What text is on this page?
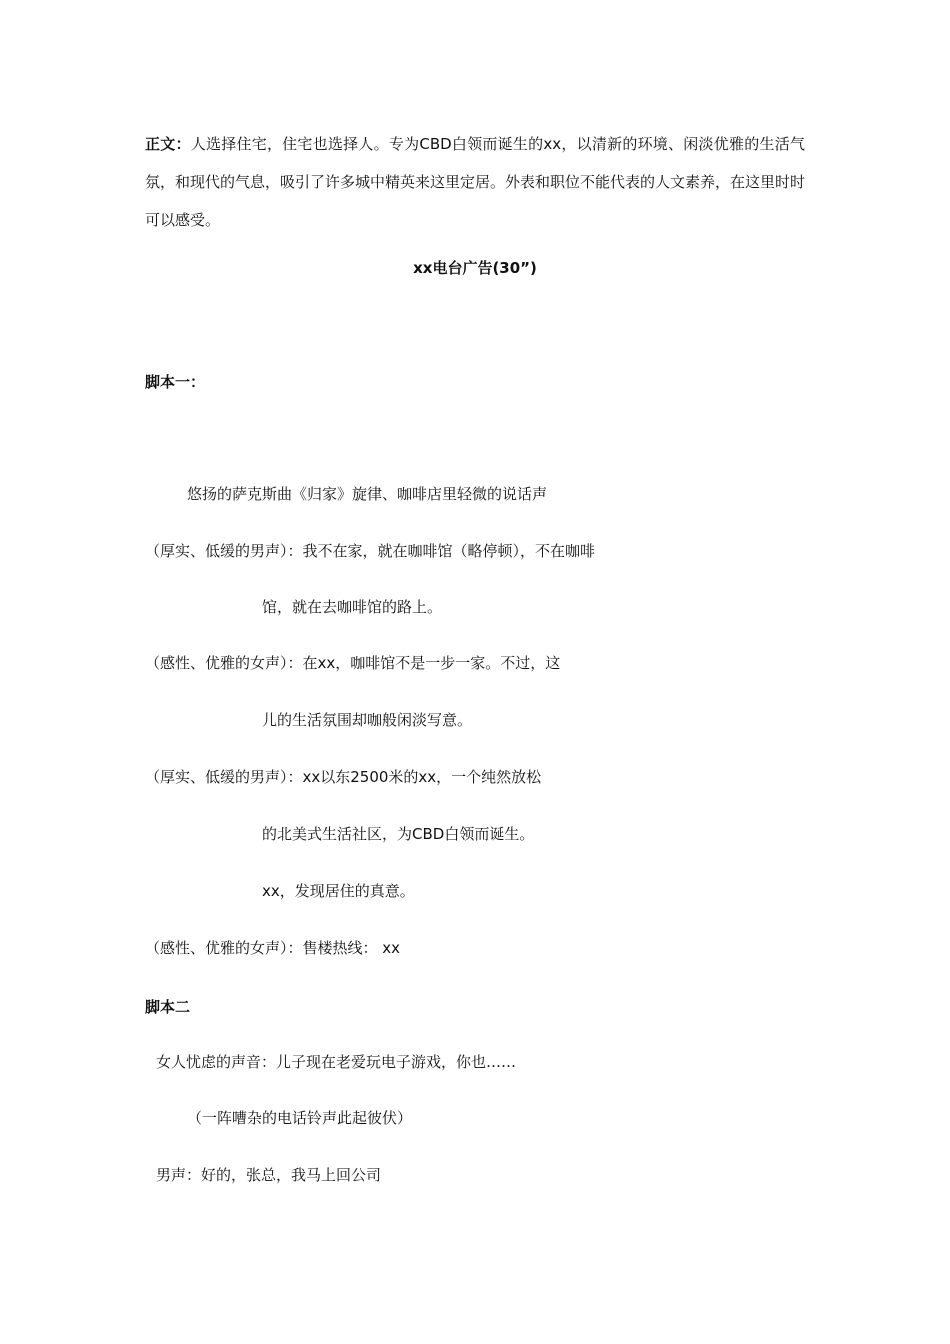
正文：人选择住宅，住宅也选择人。专为CBD白领而诞生的xx，以清新的环境、闲淡优雅的生活气氛，和现代的气息，吸引了许多城中精英来这里定居。外表和职位不能代表的人文素养，在这里时时可以感受。
xx电台广告(30”)
脚本一：
悠扬的萨克斯曲《归家》旋律、咖啡店里轻微的说话声
（厚实、低缓的男声）：我不在家，就在咖啡馆（略停顿），不在咖啡
馆，就在去咖啡馆的路上。
（感性、优雅的女声）：在xx，咖啡馆不是一步一家。不过，这
儿的生活氛围却咖般闲淡写意。
（厚实、低缓的男声）：xx以东2500米的xx，一个纯然放松
的北美式生活社区，为CBD白领而诞生。
xx，发现居住的真意。
（感性、优雅的女声）：售楼热线： xx
脚本二
女人忧虑的声音：儿子现在老爱玩电子游戏，你也……
（一阵嘈杂的电话铃声此起彼伏）
男声：好的，张总，我马上回公司
